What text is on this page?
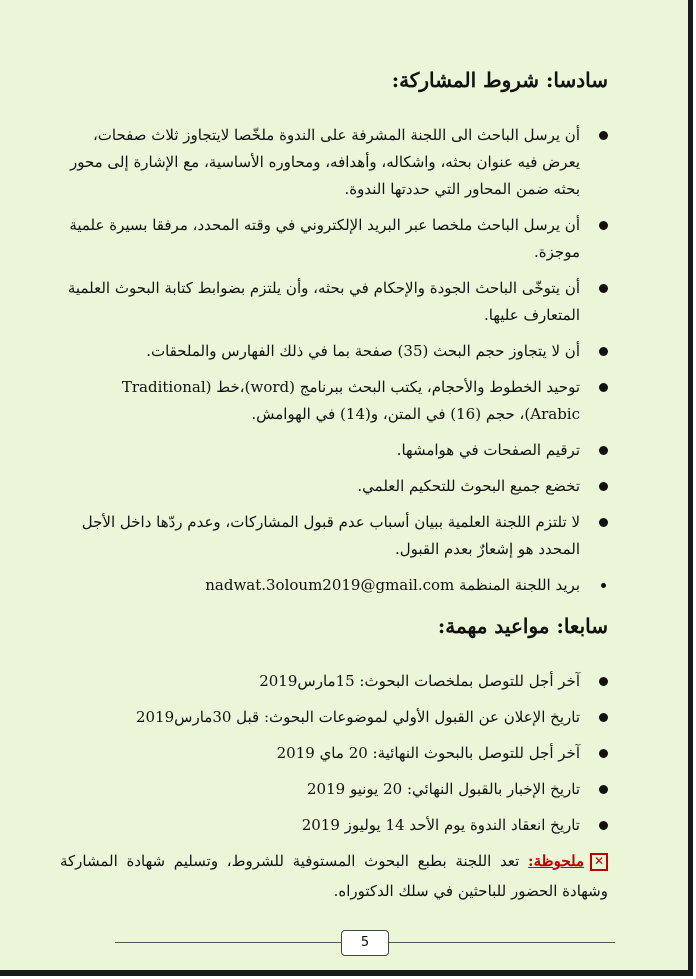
سادسا: شروط المشاركة:
أن يرسل الباحث الى اللجنة المشرفة على الندوة ملخّصا لايتجاوز ثلاث صفحات، يعرض فيه عنوان بحثه، واشكاله، وأهدافه، ومحاوره الأساسية، مع الإشارة إلى محور بحثه ضمن المحاور التي حددتها الندوة.
أن يرسل الباحث ملخصا عبر البريد الإلكتروني في وقته المحدد، مرفقا بسيرة علمية موجزة.
أن يتوخّى الباحث الجودة والإحكام في بحثه، وأن يلتزم بضوابط كتابة البحوث العلمية المتعارف عليها.
أن لا يتجاوز حجم البحث (35) صفحة بما في ذلك الفهارس والملحقات.
توحيد الخطوط والأحجام، يكتب البحث ببرنامج (word)،خط (Traditional Arabic)، حجم (16) في المتن، و(14) في الهوامش.
ترقيم الصفحات في هوامشها.
تخضع جميع البحوث للتحكيم العلمي.
لا تلتزم اللجنة العلمية ببيان أسباب عدم قبول المشاركات، وعدم ردّها داخل الأجل المحدد هو إشعارٌ بعدم القبول.
بريد اللجنة المنظمة nadwat.3oloum2019@gmail.com
سابعا: مواعيد مهمة:
آخر أجل للتوصل بملخصات البحوث: 15مارس2019
تاريخ الإعلان عن القبول الأولي لموضوعات البحوث: قبل 30مارس2019
آخر أجل للتوصل بالبحوث النهائية: 20 ماي 2019
تاريخ الإخبار بالقبول النهائي: 20 يونيو 2019
تاريخ انعقاد الندوة يوم الأحد 14 يوليوز 2019
✕ملحوظة: تعد اللجنة بطبع البحوث المستوفية للشروط، وتسليم شهادة المشاركة وشهادة الحضور للباحثين في سلك الدكتوراه.
5
